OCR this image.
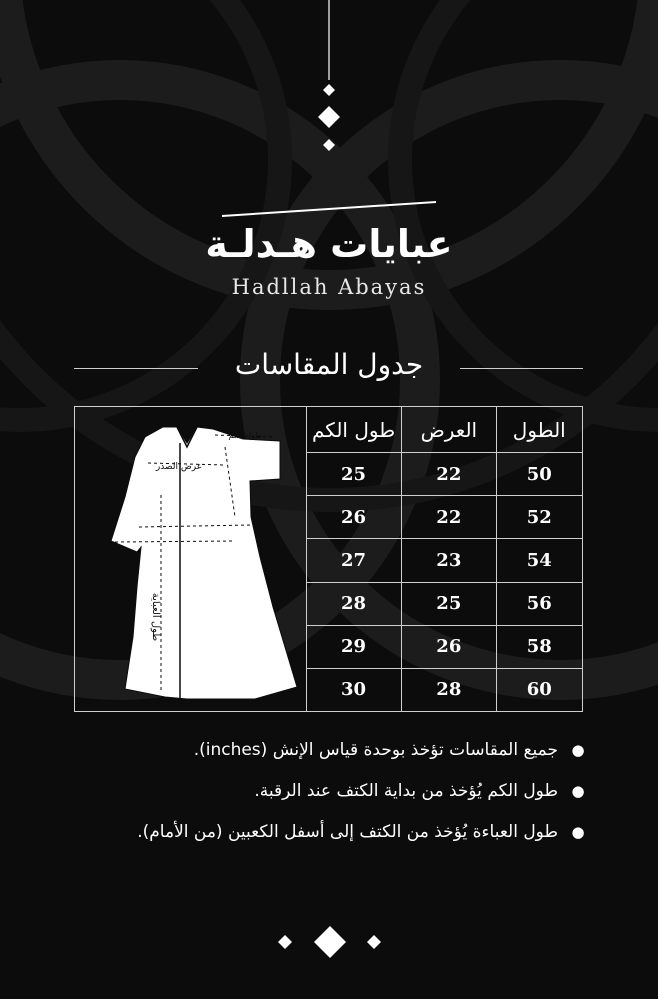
عبايات هـدلـة
Hadllah Abayas
جدول المقاسات
طول الكم
عرض الصدر
طول العباية
الطول	العرض	طول الكم
50	22	25
52	22	26
54	23	27
56	25	28
58	26	29
60	28	30
●
جميع المقاسات تؤخذ بوحدة قياس الإنش (inches).
●
طول الكم يُؤخذ من بداية الكتف عند الرقبة.
●
طول العباءة يُؤخذ من الكتف إلى أسفل الكعبين (من الأمام).
